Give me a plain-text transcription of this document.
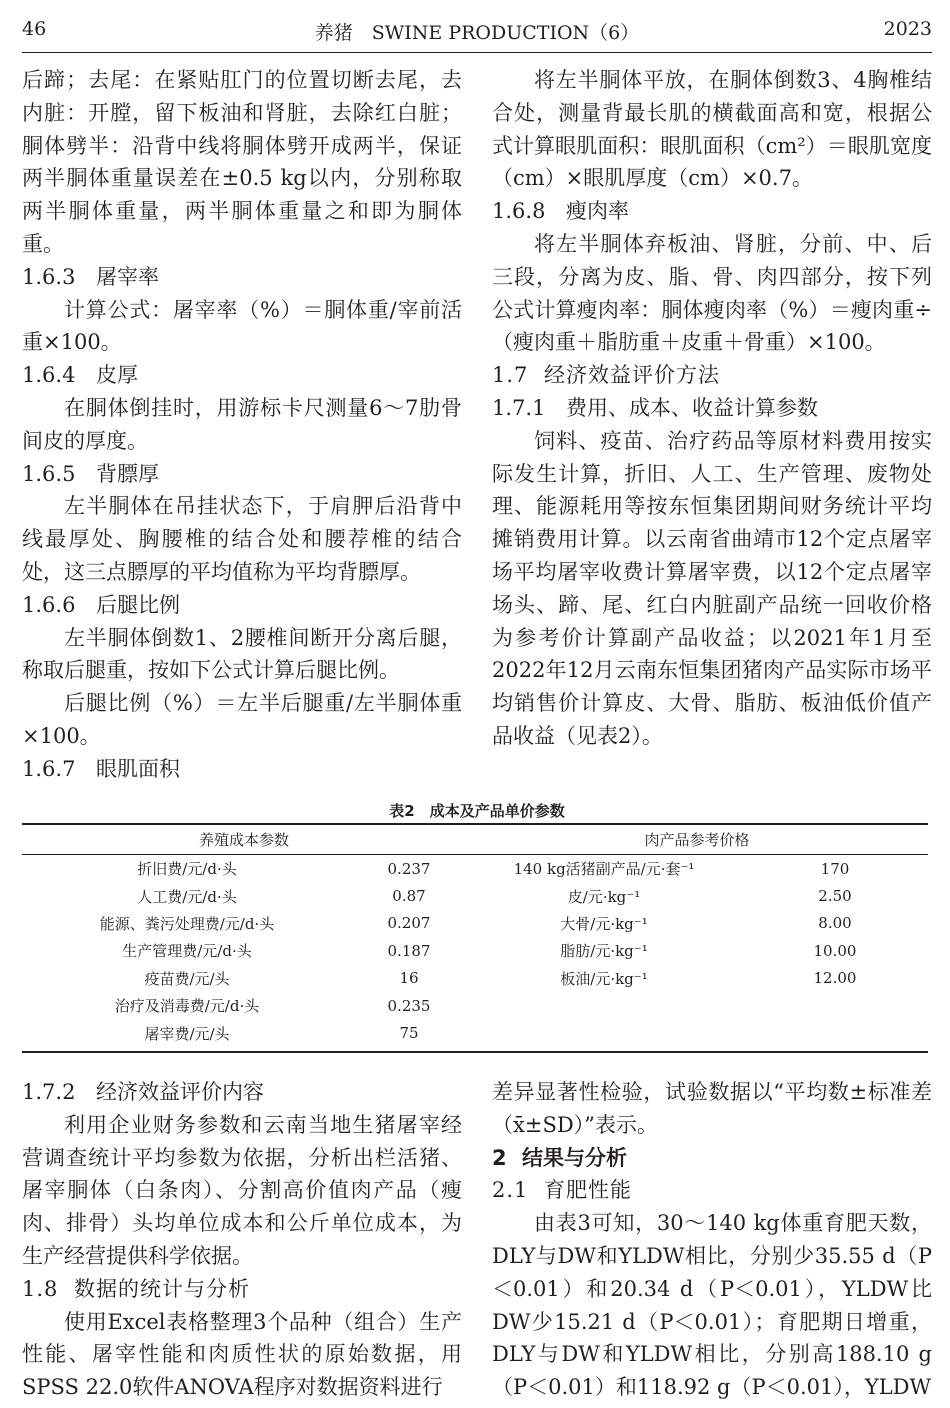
46	养猪　SWINE PRODUCTION（6）	2023

后蹄；去尾：在紧贴肛门的位置切断去尾，去内脏：开膛，留下板油和肾脏，去除红白脏；胴体劈半：沿背中线将胴体劈开成两半，保证两半胴体重量误差在±0.5 kg以内，分别称取两半胴体重量，两半胴体重量之和即为胴体重。

1.6.3 屠宰率

计算公式：屠宰率（%）＝胴体重/宰前活重×100。

1.6.4 皮厚

在胴体倒挂时，用游标卡尺测量6～7肋骨间皮的厚度。

1.6.5 背膘厚

左半胴体在吊挂状态下，于肩胛后沿背中线最厚处、胸腰椎的结合处和腰荐椎的结合处，这三点膘厚的平均值称为平均背膘厚。

1.6.6 后腿比例

左半胴体倒数1、2腰椎间断开分离后腿，称取后腿重，按如下公式计算后腿比例。

后腿比例（%）＝左半后腿重/左半胴体重×100。

1.6.7 眼肌面积

将左半胴体平放，在胴体倒数3、4胸椎结合处，测量背最长肌的横截面高和宽，根据公式计算眼肌面积：眼肌面积（cm²）＝眼肌宽度（cm）×眼肌厚度（cm）×0.7。

1.6.8 瘦肉率

将左半胴体弃板油、肾脏，分前、中、后三段，分离为皮、脂、骨、肉四部分，按下列公式计算瘦肉率：胴体瘦肉率（%）＝瘦肉重÷（瘦肉重＋脂肪重＋皮重＋骨重）×100。

1.7 经济效益评价方法
1.7.1 费用、成本、收益计算参数

饲料、疫苗、治疗药品等原材料费用按实际发生计算，折旧、人工、生产管理、废物处理、能源耗用等按东恒集团期间财务统计平均摊销费用计算。以云南省曲靖市12个定点屠宰场平均屠宰收费计算屠宰费，以12个定点屠宰场头、蹄、尾、红白内脏副产品统一回收价格为参考价计算副产品收益；以2021年1月至2022年12月云南东恒集团猪肉产品实际市场平均销售价计算皮、大骨、脂肪、板油低价值产品收益（见表2）。

表2　成本及产品单价参数
养殖成本参数		肉产品参考价格	
折旧费/元/d·头	0.237	140 kg活猪副产品/元·套⁻¹	170
人工费/元/d·头	0.87	皮/元·kg⁻¹	2.50
能源、粪污处理费/元/d·头	0.207	大骨/元·kg⁻¹	8.00
生产管理费/元/d·头	0.187	脂肪/元·kg⁻¹	10.00
疫苗费/元/头	16	板油/元·kg⁻¹	12.00
治疗及消毒费/元/d·头	0.235		
屠宰费/元/头	75		
1.7.2 经济效益评价内容

利用企业财务参数和云南当地生猪屠宰经营调查统计平均参数为依据，分析出栏活猪、屠宰胴体（白条肉）、分割高价值肉产品（瘦肉、排骨）头均单位成本和公斤单位成本，为生产经营提供科学依据。

1.8 数据的统计与分析

使用Excel表格整理3个品种（组合）生产性能、屠宰性能和肉质性状的原始数据，用SPSS 22.0软件ANOVA程序对数据资料进行

差异显著性检验，试验数据以“平均数±标准差（x̄±SD）”表示。

2 结果与分析
2.1 育肥性能

由表3可知，30～140 kg体重育肥天数，DLY与DW和YLDW相比，分别少35.55 d（P＜0.01）和20.34 d（P＜0.01），YLDW比DW少15.21 d（P＜0.01）；育肥期日增重，DLY与DW和YLDW相比，分别高188.10 g（P＜0.01）和118.92 g（P＜0.01），YLDW
